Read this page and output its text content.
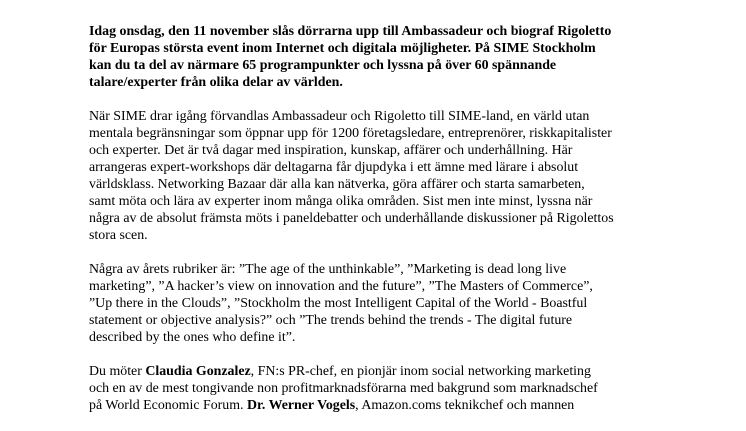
Idag onsdag, den 11 november slås dörrarna upp till Ambassadeur och biograf Rigoletto
för Europas största event inom Internet och digitala möjligheter. På SIME Stockholm
kan du ta del av närmare 65 programpunkter och lyssna på över 60 spännande
talare/experter från olika delar av världen.

När SIME drar igång förvandlas Ambassadeur och Rigoletto till SIME-land, en värld utan
mentala begränsningar som öppnar upp för 1200 företagsledare, entreprenörer, riskkapitalister
och experter. Det är två dagar med inspiration, kunskap, affärer och underhållning. Här
arrangeras expert-workshops där deltagarna får djupdyka i ett ämne med lärare i absolut
världsklass. Networking Bazaar där alla kan nätverka, göra affärer och starta samarbeten,
samt möta och lära av experter inom många olika områden. Sist men inte minst, lyssna när
några av de absolut främsta möts i paneldebatter och underhållande diskussioner på Rigolettos
stora scen.

Några av årets rubriker är: ”The age of the unthinkable”, ”Marketing is dead long live
marketing”, ”A hacker’s view on innovation and the future”, ”The Masters of Commerce”,
”Up there in the Clouds”, ”Stockholm the most Intelligent Capital of the World - Boastful
statement or objective analysis?” och ”The trends behind the trends - The digital future
described by the ones who define it”.

Du möter Claudia Gonzalez, FN:s PR-chef, en pionjär inom social networking marketing
och en av de mest tongivande non profitmarknadsförarna med bakgrund som marknadschef
på World Economic Forum. Dr. Werner Vogels, Amazon.coms teknikchef och mannen
